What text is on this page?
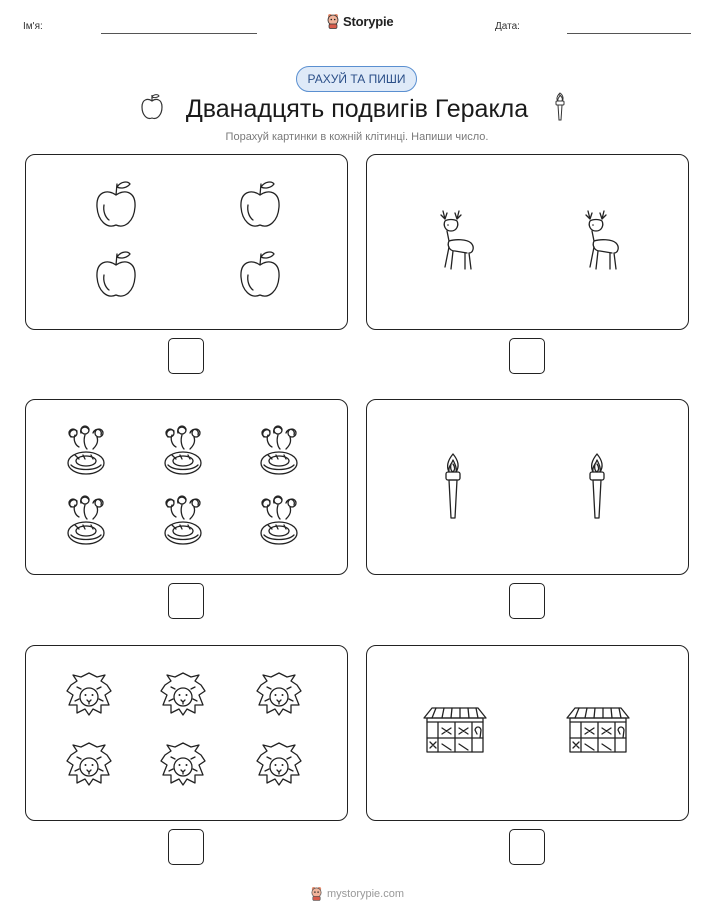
Ім'я:	Storypie	Дата:
РАХУЙ ТА ПИШИ
Дванадцять подвигів Геракла
Порахуй картинки в кожній клітинці. Напиши число.
mystorypie.com
